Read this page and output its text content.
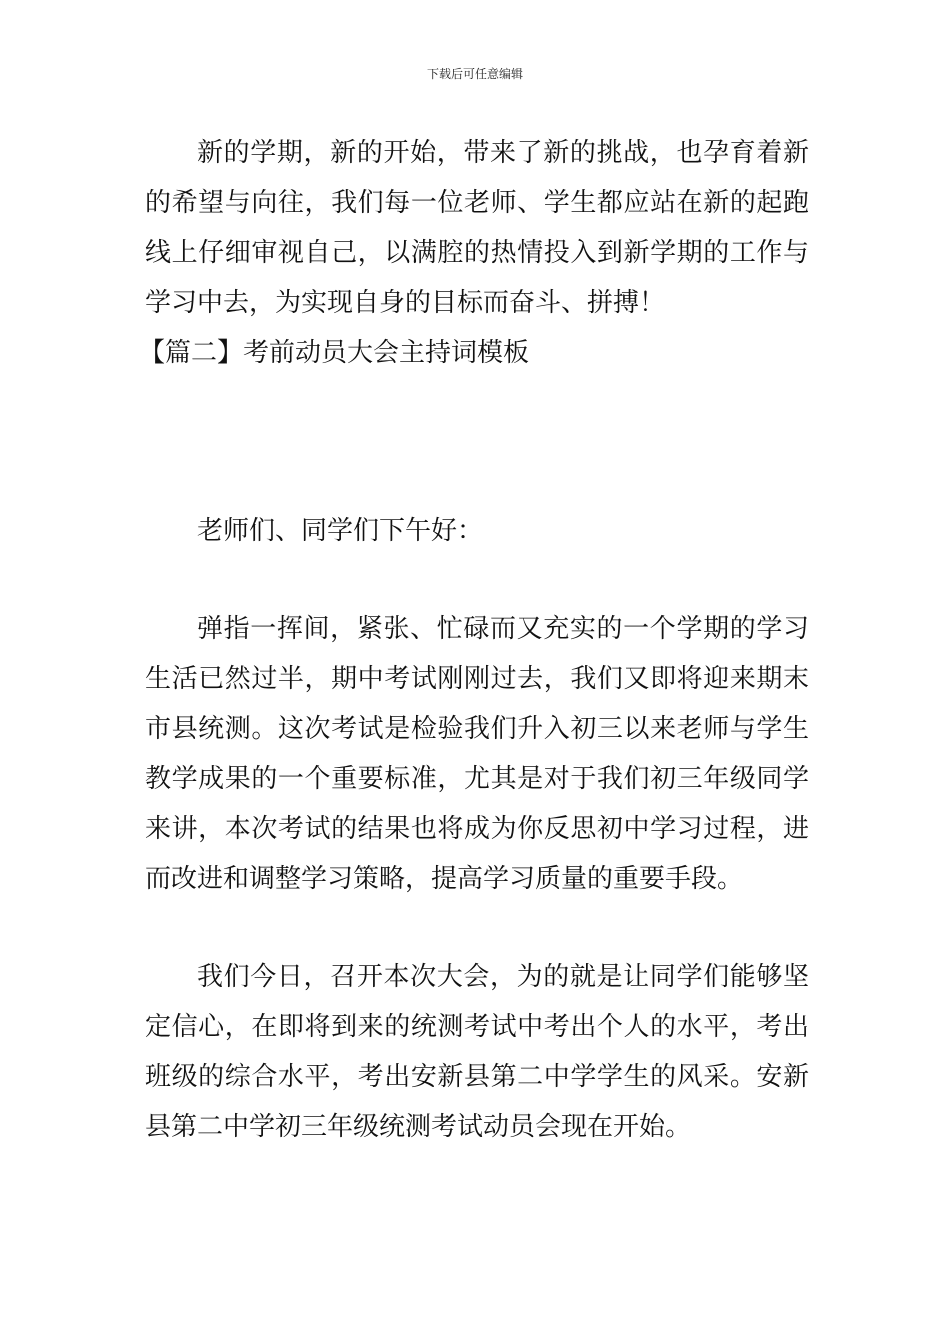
下载后可任意编辑

新的学期，新的开始，带来了新的挑战，也孕育着新的希望与向往，我们每一位老师、学生都应站在新的起跑线上仔细审视自己，以满腔的热情投入到新学期的工作与学习中去，为实现自身的目标而奋斗、拼搏！

【篇二】考前动员大会主持词模板

老师们、同学们下午好：

弹指一挥间，紧张、忙碌而又充实的一个学期的学习生活已然过半，期中考试刚刚过去，我们又即将迎来期末市县统测。这次考试是检验我们升入初三以来老师与学生教学成果的一个重要标准，尤其是对于我们初三年级同学来讲，本次考试的结果也将成为你反思初中学习过程，进而改进和调整学习策略，提高学习质量的重要手段。

我们今日，召开本次大会，为的就是让同学们能够坚定信心，在即将到来的统测考试中考出个人的水平，考出班级的综合水平，考出安新县第二中学学生的风采。安新县第二中学初三年级统测考试动员会现在开始。
